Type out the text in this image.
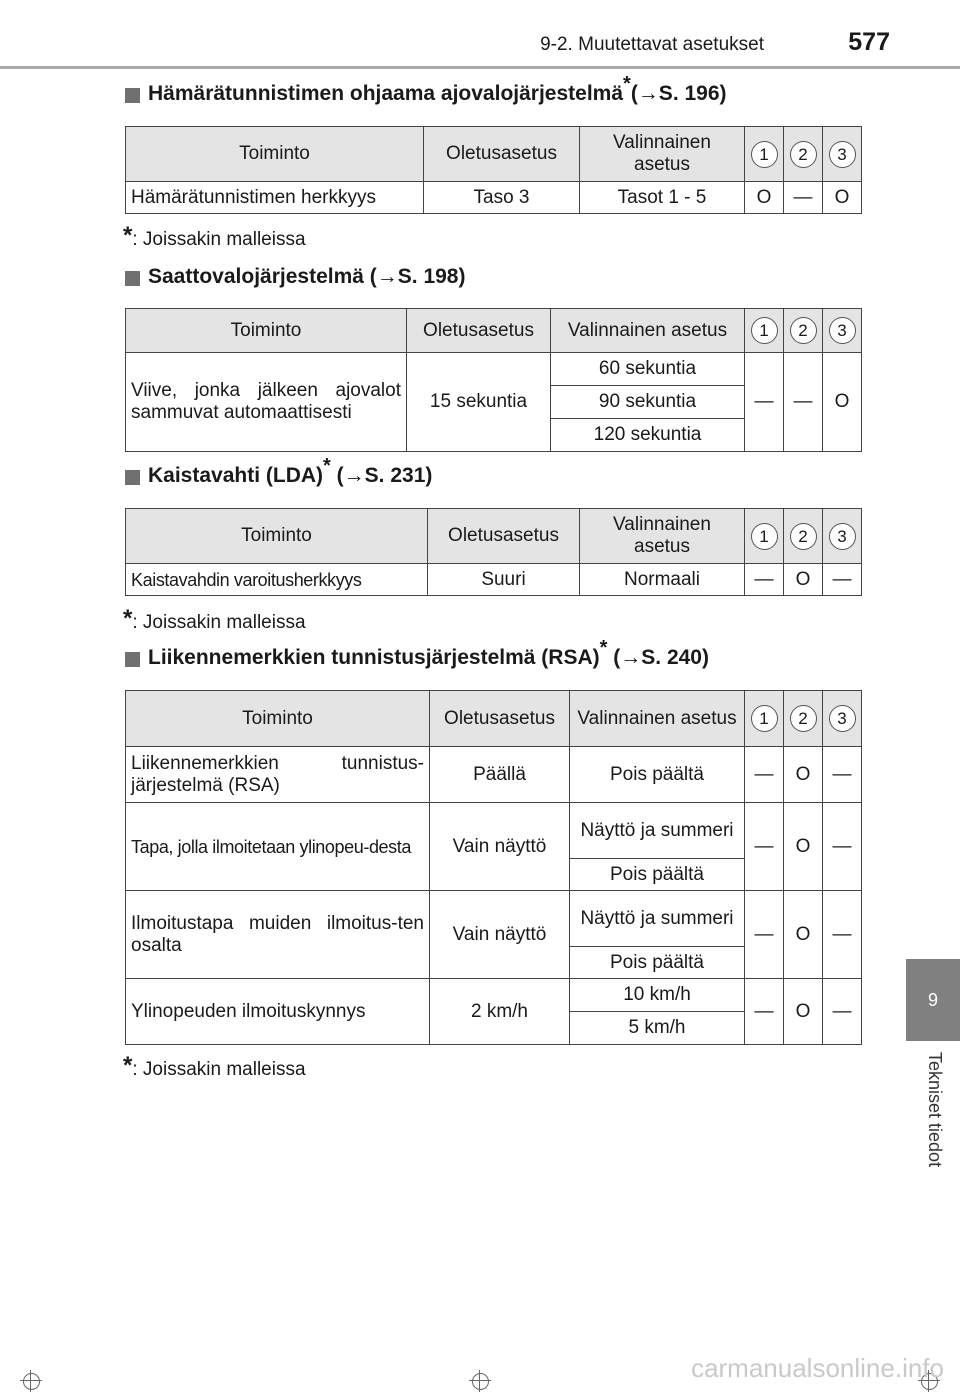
9-2. Muutettavat asetukset	577
9
Tekniset tiedot
Hämärätunnistimen ohjaama ajovalojärjestelmä* (→S. 196)
Toiminto	Oletusasetus	Valinnainen asetus	1	2	3
Hämärätunnistimen herkkyys	Taso 3	Tasot 1 - 5	O	—	O
*: Joissakin malleissa
Saattovalojärjestelmä
(→S. 198)
Toiminto	Oletusasetus	Valinnainen asetus	1	2	3
Viive, jonka jälkeen ajovalot sammuvat automaattisesti	15 sekuntia	60 sekuntia	—	—	O
		90 sekuntia			
		120 sekuntia			
Kaistavahti (LDA)*
(→S. 231)
Toiminto	Oletusasetus	Valinnainen asetus	1	2	3
Kaistavahdin varoitusherkkyys	Suuri	Normaali	—	O	—
*: Joissakin malleissa
Liikennemerkkien tunnistusjärjestelmä (RSA)*
(→S. 240)
Toiminto	Oletusasetus	Valinnainen asetus	1	2	3
Liikennemerkkien tunnistus-järjestelmä (RSA)	Päällä	Pois päältä	—	O	—
Tapa, jolla ilmoitetaan ylinopeu-desta	Vain näyttö	Näyttö ja summeri	—	O	—
		Pois päältä			
Ilmoitustapa muiden ilmoitus-ten osalta	Vain näyttö	Näyttö ja summeri	—	O	—
		Pois päältä			
Ylinopeuden ilmoituskynnys	2 km/h	10 km/h	—	O	—
		5 km/h			
*: Joissakin malleissa
carmanualsonline.info
